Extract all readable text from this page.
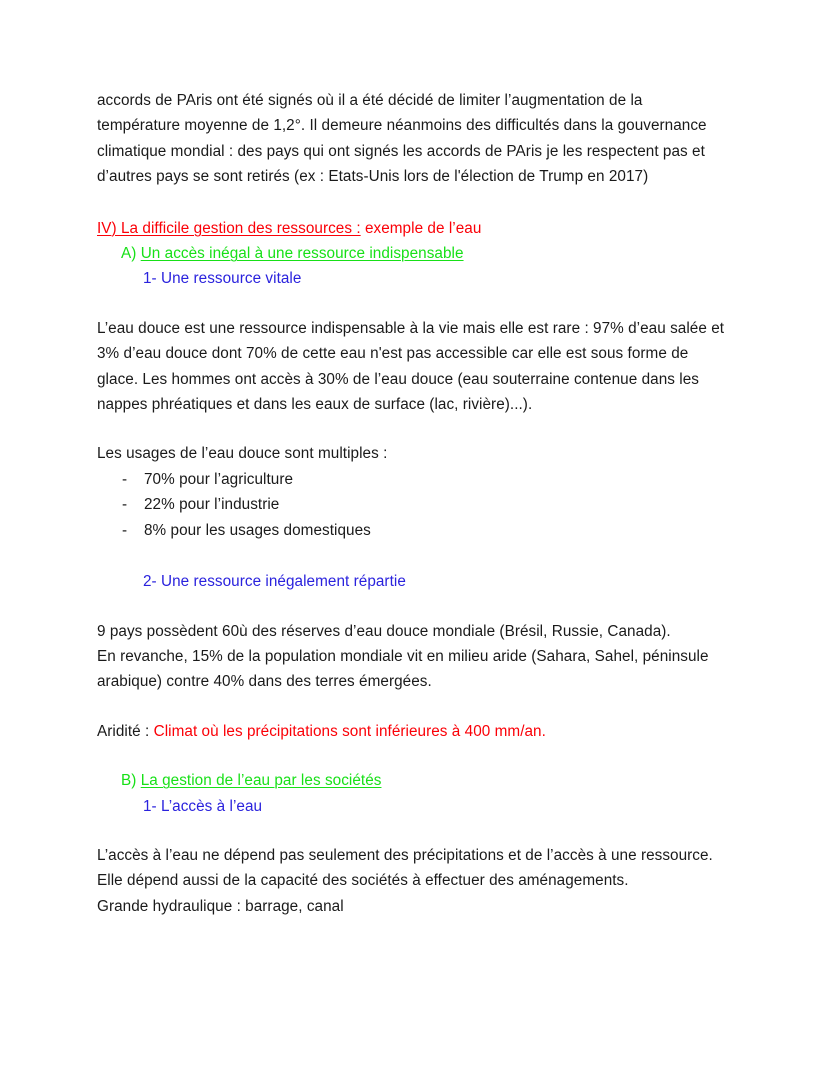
accords de PAris ont été signés où il a été décidé de limiter l’augmentation de la température moyenne de 1,2°. Il demeure néanmoins des difficultés dans la gouvernance climatique mondial : des pays qui ont signés les accords de PAris je les respectent pas et d’autres pays se sont retirés (ex : Etats-Unis lors de l'élection de Trump en 2017)

IV) La difficile gestion des ressources : exemple de l’eau
A) Un accès inégal à une ressource indispensable
1- Une ressource vitale

L’eau douce est une ressource indispensable à la vie mais elle est rare : 97% d’eau salée et 3% d’eau douce dont 70% de cette eau n'est pas accessible car elle est sous forme de glace. Les hommes ont accès à 30% de l’eau douce (eau souterraine contenue dans les nappes phréatiques et dans les eaux de surface (lac, rivière)...).

Les usages de l’eau douce sont multiples :

- 70% pour l’agriculture
- 22% pour l’industrie
- 8% pour les usages domestiques
2- Une ressource inégalement répartie

9 pays possèdent 60ù des réserves d’eau douce mondiale (Brésil, Russie, Canada).

En revanche, 15% de la population mondiale vit en milieu aride (Sahara, Sahel, péninsule arabique) contre 40% dans des terres émergées.

Aridité : Climat où les précipitations sont inférieures à 400 mm/an.

B) La gestion de l’eau par les sociétés
1- L’accès à l’eau

L’accès à l’eau ne dépend pas seulement des précipitations et de l’accès à une ressource. Elle dépend aussi de la capacité des sociétés à effectuer des aménagements.

Grande hydraulique : barrage, canal
